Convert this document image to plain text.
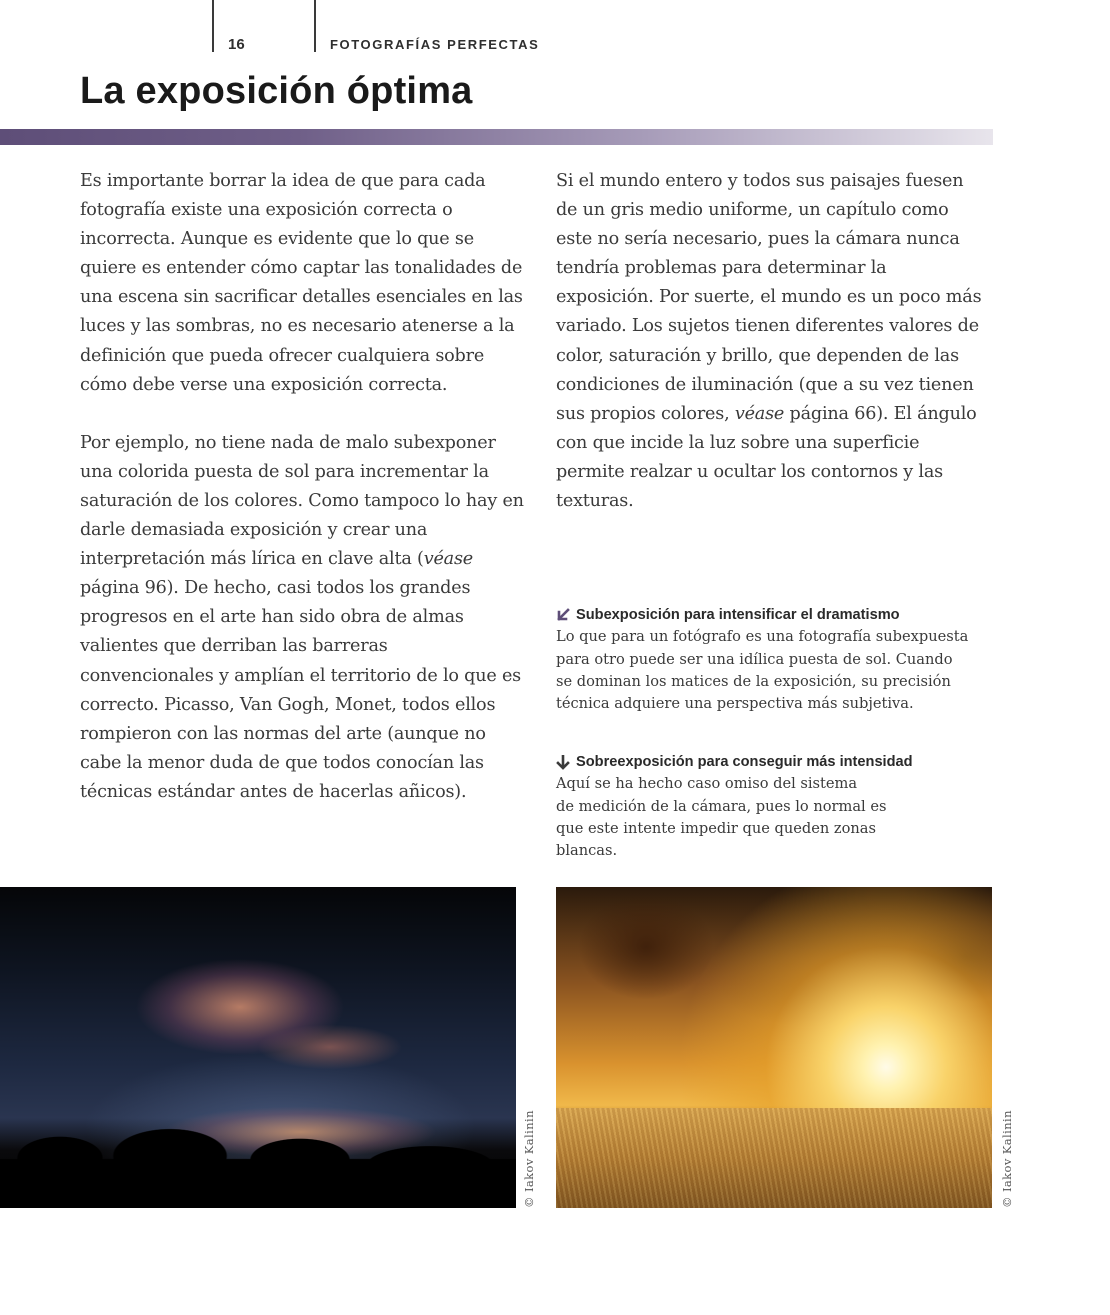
16	FOTOGRAFÍAS PERFECTAS
La exposición óptima

Es importante borrar la idea de que para cada fotografía existe una exposición correcta o incorrecta. Aunque es evidente que lo que se quiere es entender cómo captar las tonalidades de una escena sin sacrificar detalles esenciales en las luces y las sombras, no es necesario atenerse a la definición que pueda ofrecer cualquiera sobre cómo debe verse una exposición correcta.

Por ejemplo, no tiene nada de malo subexponer una colorida puesta de sol para incrementar la saturación de los colores. Como tampoco lo hay en darle demasiada exposición y crear una interpretación más lírica en clave alta (véase página 96). De hecho, casi todos los grandes progresos en el arte han sido obra de almas valientes que derriban las barreras convencionales y amplían el territorio de lo que es correcto. Picasso, Van Gogh, Monet, todos ellos rompieron con las normas del arte (aunque no cabe la menor duda de que todos conocían las técnicas estándar antes de hacerlas añicos).

Si el mundo entero y todos sus paisajes fuesen de un gris medio uniforme, un capítulo como este no sería necesario, pues la cámara nunca tendría problemas para determinar la exposición. Por suerte, el mundo es un poco más variado. Los sujetos tienen diferentes valores de color, saturación y brillo, que dependen de las condiciones de iluminación (que a su vez tienen sus propios colores, véase página 66). El ángulo con que incide la luz sobre una superficie permite realzar u ocultar los contornos y las texturas.

Subexposición para intensificar el dramatismo
Lo que para un fotógrafo es una fotografía subexpuesta
para otro puede ser una idílica puesta de sol. Cuando
se dominan los matices de la exposición, su precisión
técnica adquiere una perspectiva más subjetiva.
Sobreexposición para conseguir más intensidad
Aquí se ha hecho caso omiso del sistema
de medición de la cámara, pues lo normal es
que este intente impedir que queden zonas
blancas.
© Iakov Kalinin	© Iakov Kalinin
